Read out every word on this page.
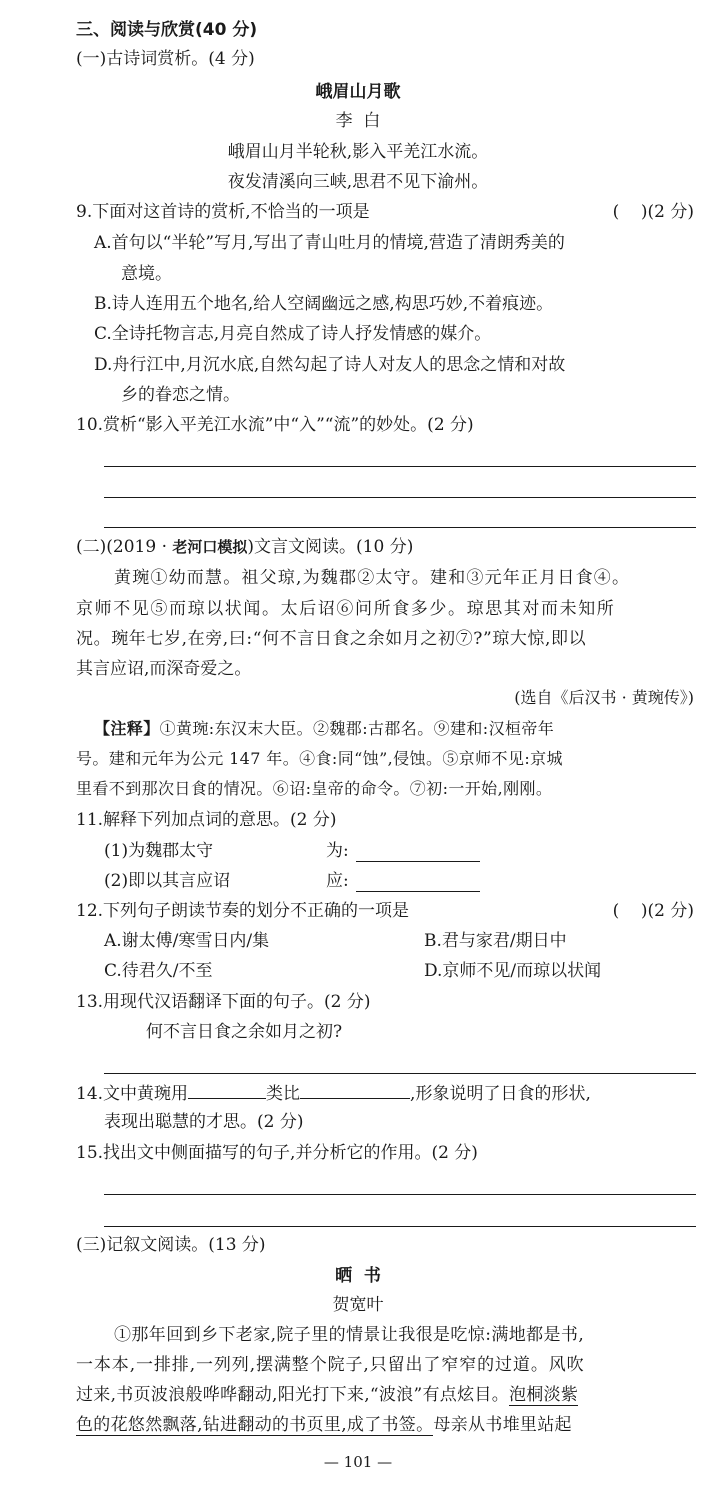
三、阅读与欣赏(40 分)
(一)古诗词赏析。(4 分)
峨眉山月歌
李  白
峨眉山月半轮秋,影入平羌江水流。
夜发清溪向三峡,思君不见下渝州。
9.下面对这首诗的赏析,不恰当的一项是	(    )(2 分)
A.首句以“半轮”写月,写出了青山吐月的情境,营造了清朗秀美的
意境。
B.诗人连用五个地名,给人空阔幽远之感,构思巧妙,不着痕迹。
C.全诗托物言志,月亮自然成了诗人抒发情感的媒介。
D.舟行江中,月沉水底,自然勾起了诗人对友人的思念之情和对故
乡的眷恋之情。
10.赏析“影入平羌江水流”中“入”“流”的妙处。(2 分)
(二)(2019 · 老河口模拟)文言文阅读。(10 分)
黄琬①幼而慧。祖父琼,为魏郡②太守。建和③元年正月日食④。
京师不见⑤而琼以状闻。太后诏⑥问所食多少。琼思其对而未知所
况。琬年七岁,在旁,曰:“何不言日食之余如月之初⑦?”琼大惊,即以
其言应诏,而深奇爱之。
(选自《后汉书 · 黄琬传》)
【注释】①黄琬:东汉末大臣。②魏郡:古郡名。⑨建和:汉桓帝年
号。建和元年为公元 147 年。④食:同“蚀”,侵蚀。⑤京师不见:京城
里看不到那次日食的情况。⑥诏:皇帝的命令。⑦初:一开始,刚刚。
11.解释下列加点词的意思。(2 分)
(1)为魏郡太守	为:
(2)即以其言应诏	应:
12.下列句子朗读节奏的划分不正确的一项是	(    )(2 分)
A.谢太傅/寒雪日内/集	B.君与家君/期日中
C.待君久/不至	D.京师不见/而琼以状闻
13.用现代汉语翻译下面的句子。(2 分)
何不言日食之余如月之初?
14.文中黄琬用	类比	,形象说明了日食的形状,
表现出聪慧的才思。(2 分)
15.找出文中侧面描写的句子,并分析它的作用。(2 分)
(三)记叙文阅读。(13 分)
晒  书
贺宽叶
①那年回到乡下老家,院子里的情景让我很是吃惊:满地都是书,
一本本,一排排,一列列,摆满整个院子,只留出了窄窄的过道。风吹
过来,书页波浪般哗哗翻动,阳光打下来,“波浪”有点炫目。泡桐淡紫
色的花悠然飘落,钻进翻动的书页里,成了书签。母亲从书堆里站起
— 101 —
